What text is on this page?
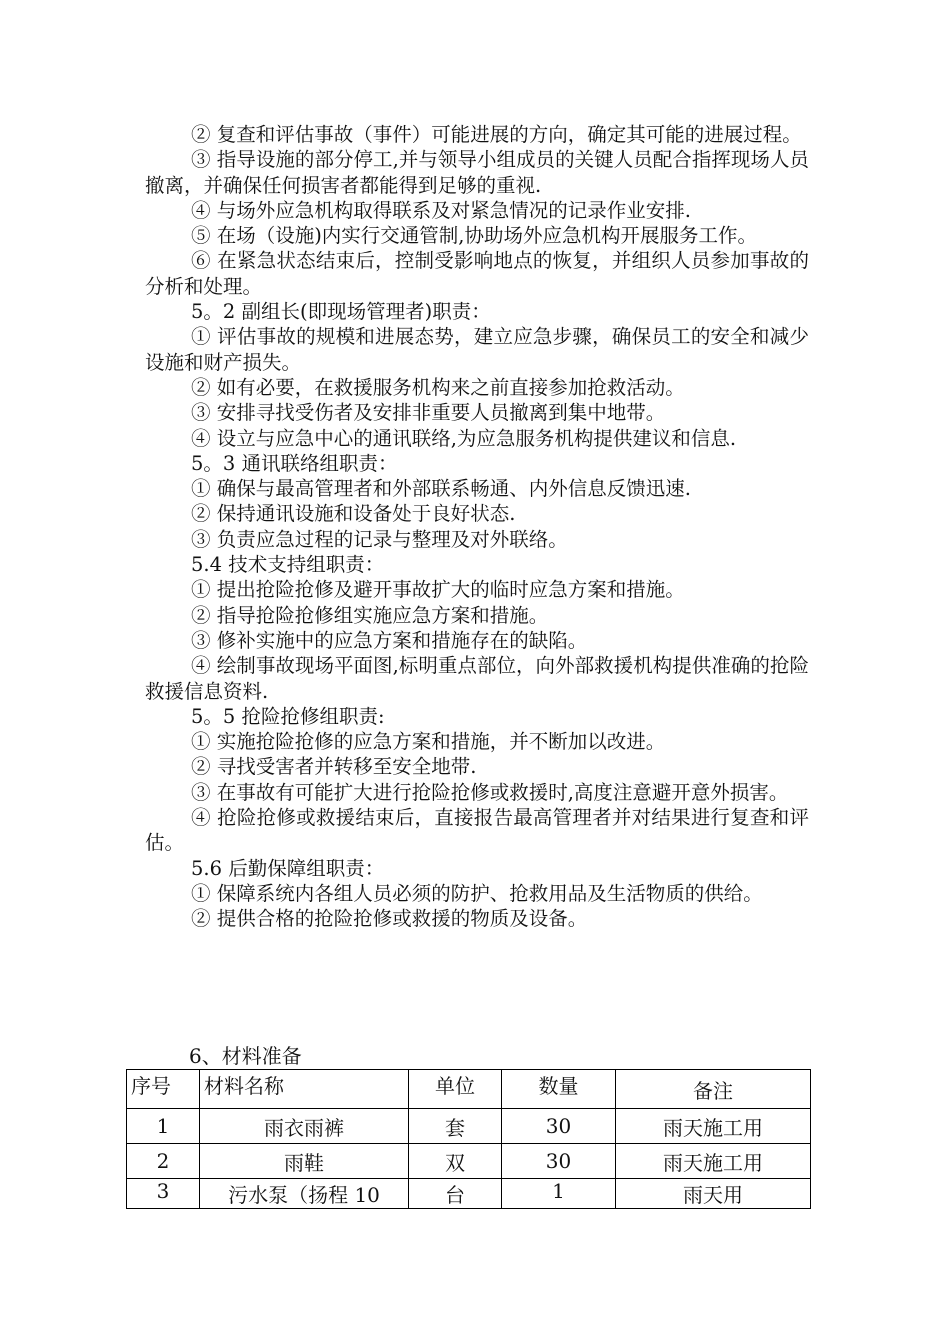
② 复查和评估事故（事件）可能进展的方向，确定其可能的进展过程。

③ 指导设施的部分停工,并与领导小组成员的关键人员配合指挥现场人员撤离，并确保任何损害者都能得到足够的重视.

④ 与场外应急机构取得联系及对紧急情况的记录作业安排.

⑤ 在场（设施)内实行交通管制,协助场外应急机构开展服务工作。

⑥ 在紧急状态结束后，控制受影响地点的恢复，并组织人员参加事故的分析和处理。

5。2 副组长(即现场管理者)职责：

① 评估事故的规模和进展态势，建立应急步骤，确保员工的安全和减少设施和财产损失。

② 如有必要，在救援服务机构来之前直接参加抢救活动。

③ 安排寻找受伤者及安排非重要人员撤离到集中地带。

④ 设立与应急中心的通讯联络,为应急服务机构提供建议和信息.

5。3 通讯联络组职责：

① 确保与最高管理者和外部联系畅通、内外信息反馈迅速.

② 保持通讯设施和设备处于良好状态.

③ 负责应急过程的记录与整理及对外联络。

5.4 技术支持组职责：

① 提出抢险抢修及避开事故扩大的临时应急方案和措施。

② 指导抢险抢修组实施应急方案和措施。

③ 修补实施中的应急方案和措施存在的缺陷。

④ 绘制事故现场平面图,标明重点部位，向外部救援机构提供准确的抢险救援信息资料.

5。5 抢险抢修组职责:

① 实施抢险抢修的应急方案和措施，并不断加以改进。

② 寻找受害者并转移至安全地带.

③ 在事故有可能扩大进行抢险抢修或救援时,高度注意避开意外损害。

④ 抢险抢修或救援结束后，直接报告最高管理者并对结果进行复查和评估。

5.6 后勤保障组职责：

① 保障系统内各组人员必须的防护、抢救用品及生活物质的供给。

② 提供合格的抢险抢修或救援的物质及设备。

6、材料准备
序号	材料名称	单位	数量	备注
1	雨衣雨裤	套	30	雨天施工用
2	雨鞋	双	30	雨天施工用
3	污水泵（扬程 10	台	1	雨天用
